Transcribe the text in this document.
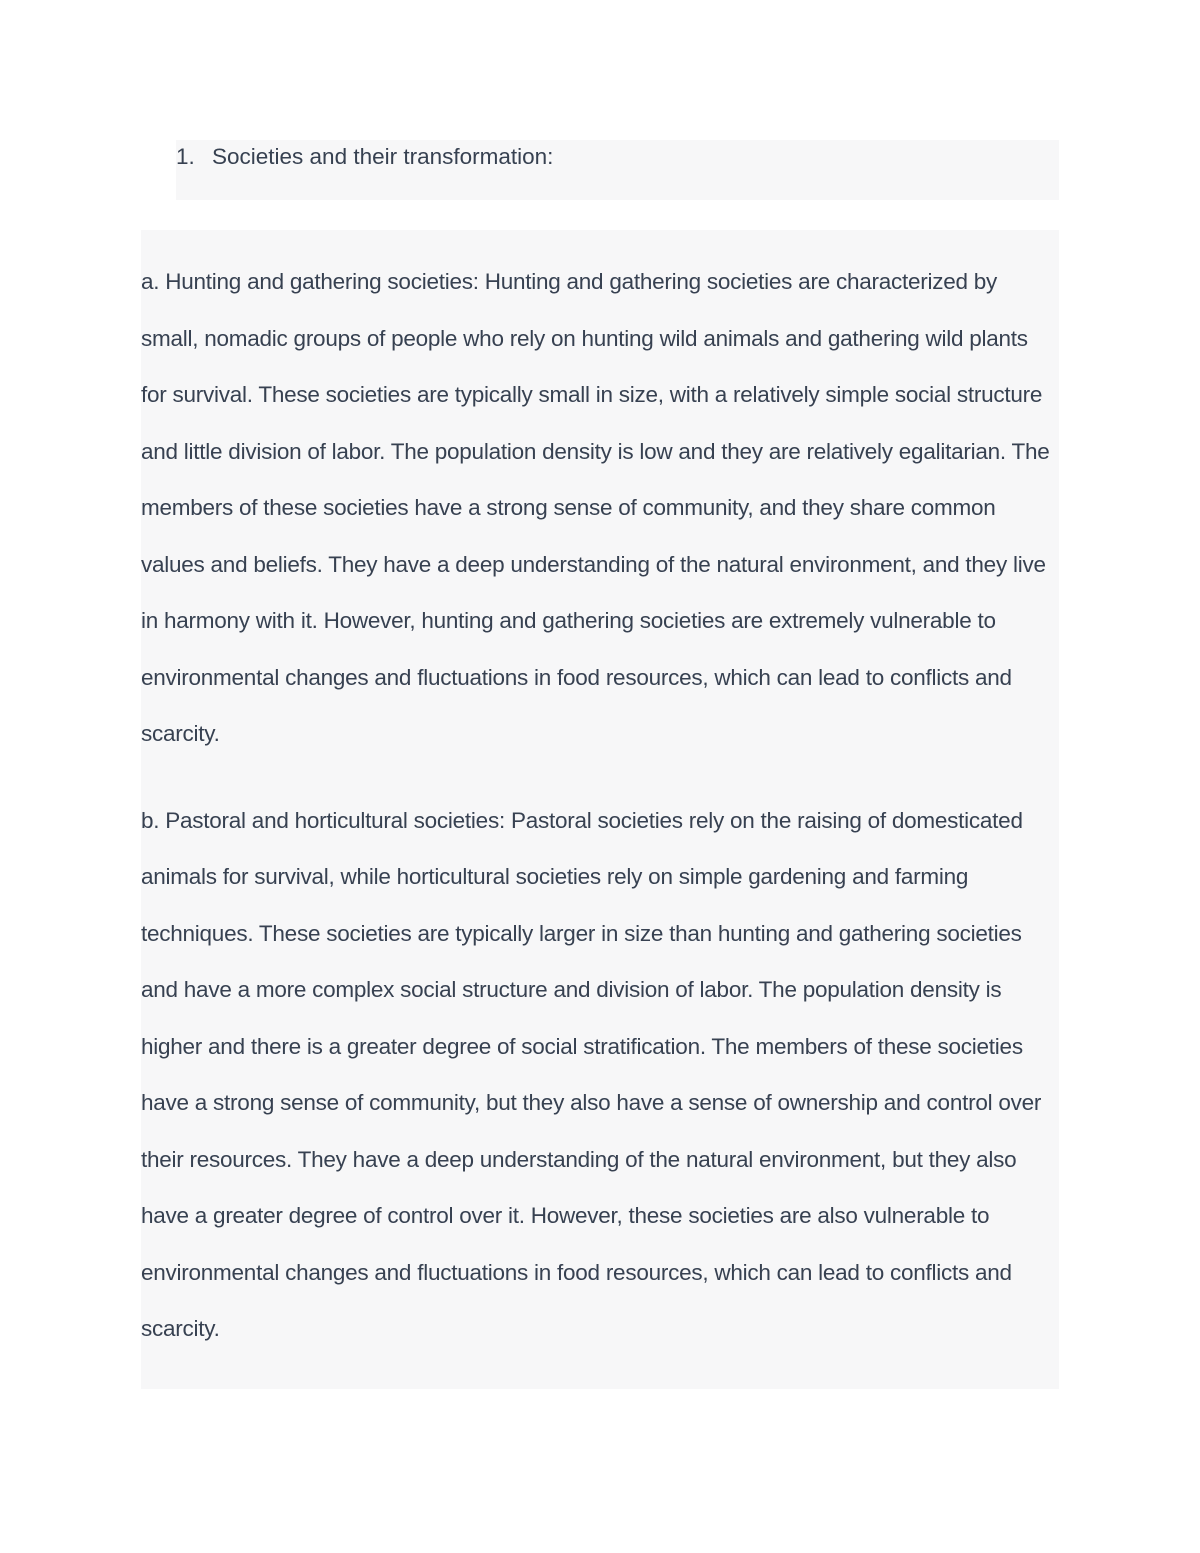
1. Societies and their transformation:

a. Hunting and gathering societies: Hunting and gathering societies are characterized by small, nomadic groups of people who rely on hunting wild animals and gathering wild plants for survival. These societies are typically small in size, with a relatively simple social structure and little division of labor. The population density is low and they are relatively egalitarian. The members of these societies have a strong sense of community, and they share common values and beliefs. They have a deep understanding of the natural environment, and they live in harmony with it. However, hunting and gathering societies are extremely vulnerable to environmental changes and fluctuations in food resources, which can lead to conflicts and scarcity.

b. Pastoral and horticultural societies: Pastoral societies rely on the raising of domesticated animals for survival, while horticultural societies rely on simple gardening and farming techniques. These societies are typically larger in size than hunting and gathering societies and have a more complex social structure and division of labor. The population density is higher and there is a greater degree of social stratification. The members of these societies have a strong sense of community, but they also have a sense of ownership and control over their resources. They have a deep understanding of the natural environment, but they also have a greater degree of control over it. However, these societies are also vulnerable to environmental changes and fluctuations in food resources, which can lead to conflicts and scarcity.
